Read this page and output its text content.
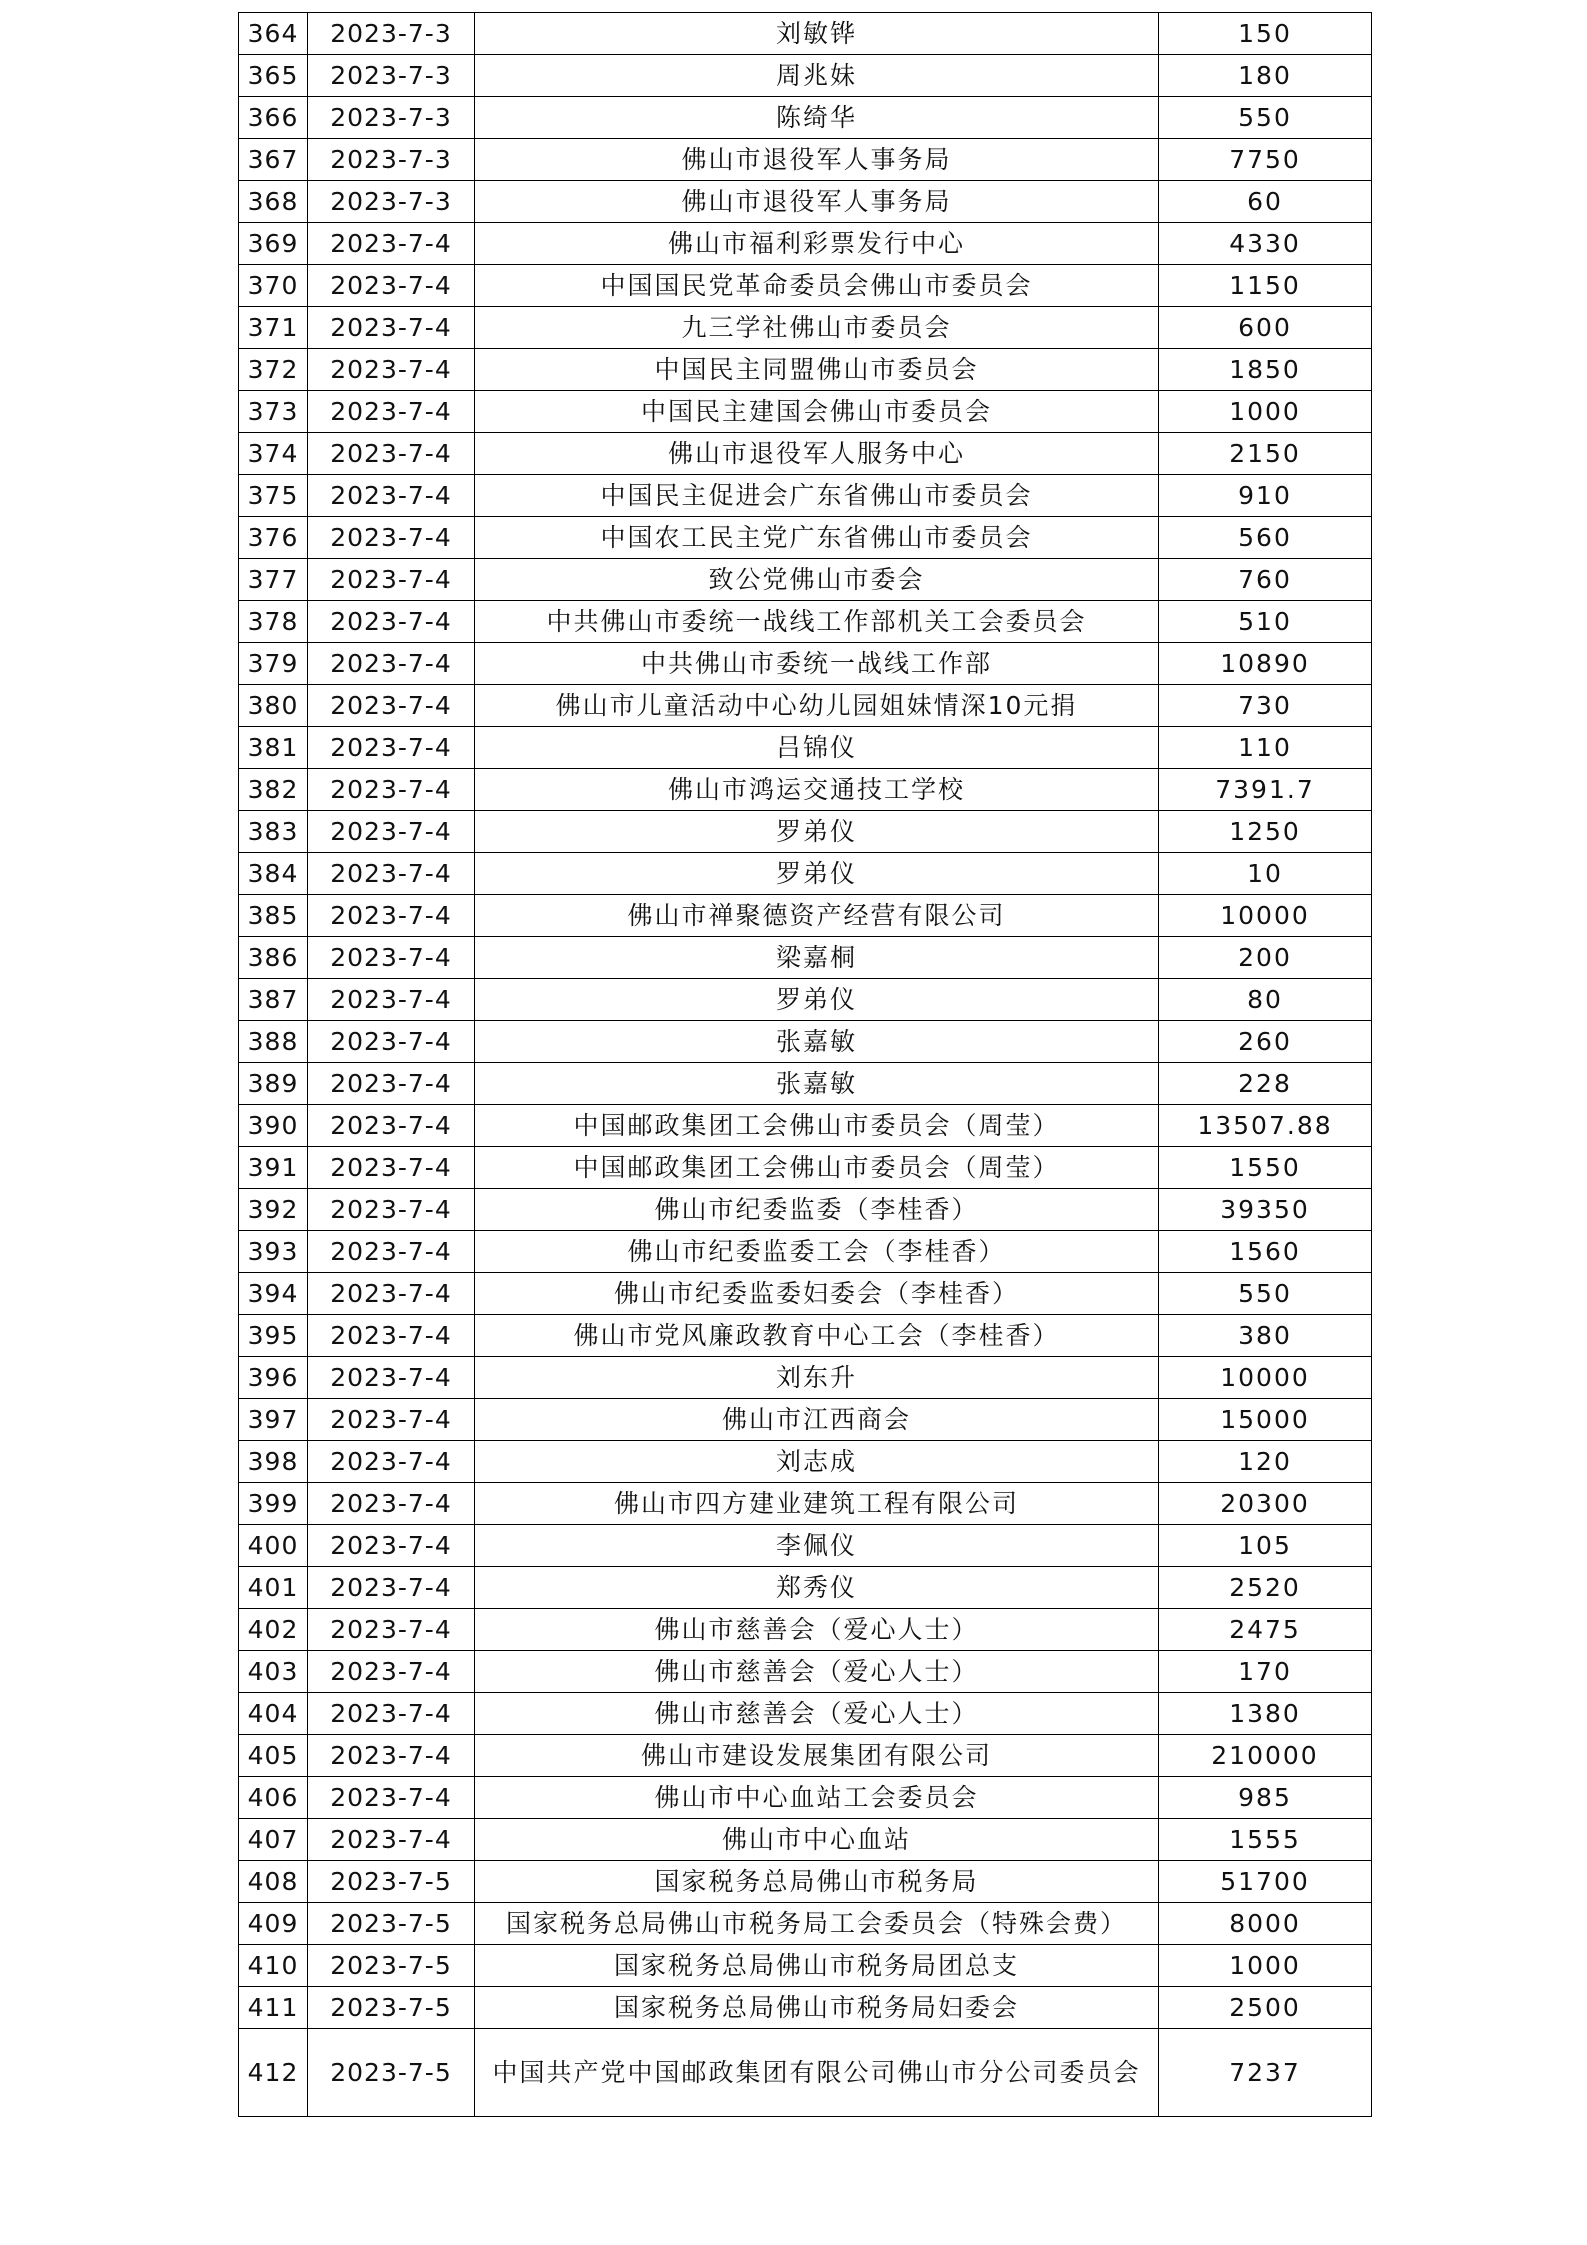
364	2023-7-3	刘敏铧	150
365	2023-7-3	周兆妹	180
366	2023-7-3	陈绮华	550
367	2023-7-3	佛山市退役军人事务局	7750
368	2023-7-3	佛山市退役军人事务局	60
369	2023-7-4	佛山市福利彩票发行中心	4330
370	2023-7-4	中国国民党革命委员会佛山市委员会	1150
371	2023-7-4	九三学社佛山市委员会	600
372	2023-7-4	中国民主同盟佛山市委员会	1850
373	2023-7-4	中国民主建国会佛山市委员会	1000
374	2023-7-4	佛山市退役军人服务中心	2150
375	2023-7-4	中国民主促进会广东省佛山市委员会	910
376	2023-7-4	中国农工民主党广东省佛山市委员会	560
377	2023-7-4	致公党佛山市委会	760
378	2023-7-4	中共佛山市委统一战线工作部机关工会委员会	510
379	2023-7-4	中共佛山市委统一战线工作部	10890
380	2023-7-4	佛山市儿童活动中心幼儿园姐妹情深10元捐	730
381	2023-7-4	吕锦仪	110
382	2023-7-4	佛山市鸿运交通技工学校	7391.7
383	2023-7-4	罗弟仪	1250
384	2023-7-4	罗弟仪	10
385	2023-7-4	佛山市禅聚德资产经营有限公司	10000
386	2023-7-4	梁嘉桐	200
387	2023-7-4	罗弟仪	80
388	2023-7-4	张嘉敏	260
389	2023-7-4	张嘉敏	228
390	2023-7-4	中国邮政集团工会佛山市委员会（周莹）	13507.88
391	2023-7-4	中国邮政集团工会佛山市委员会（周莹）	1550
392	2023-7-4	佛山市纪委监委（李桂香）	39350
393	2023-7-4	佛山市纪委监委工会（李桂香）	1560
394	2023-7-4	佛山市纪委监委妇委会（李桂香）	550
395	2023-7-4	佛山市党风廉政教育中心工会（李桂香）	380
396	2023-7-4	刘东升	10000
397	2023-7-4	佛山市江西商会	15000
398	2023-7-4	刘志成	120
399	2023-7-4	佛山市四方建业建筑工程有限公司	20300
400	2023-7-4	李佩仪	105
401	2023-7-4	郑秀仪	2520
402	2023-7-4	佛山市慈善会（爱心人士）	2475
403	2023-7-4	佛山市慈善会（爱心人士）	170
404	2023-7-4	佛山市慈善会（爱心人士）	1380
405	2023-7-4	佛山市建设发展集团有限公司	210000
406	2023-7-4	佛山市中心血站工会委员会	985
407	2023-7-4	佛山市中心血站	1555
408	2023-7-5	国家税务总局佛山市税务局	51700
409	2023-7-5	国家税务总局佛山市税务局工会委员会（特殊会费）	8000
410	2023-7-5	国家税务总局佛山市税务局团总支	1000
411	2023-7-5	国家税务总局佛山市税务局妇委会	2500
412	2023-7-5	中国共产党中国邮政集团有限公司佛山市分公司委员会	7237
